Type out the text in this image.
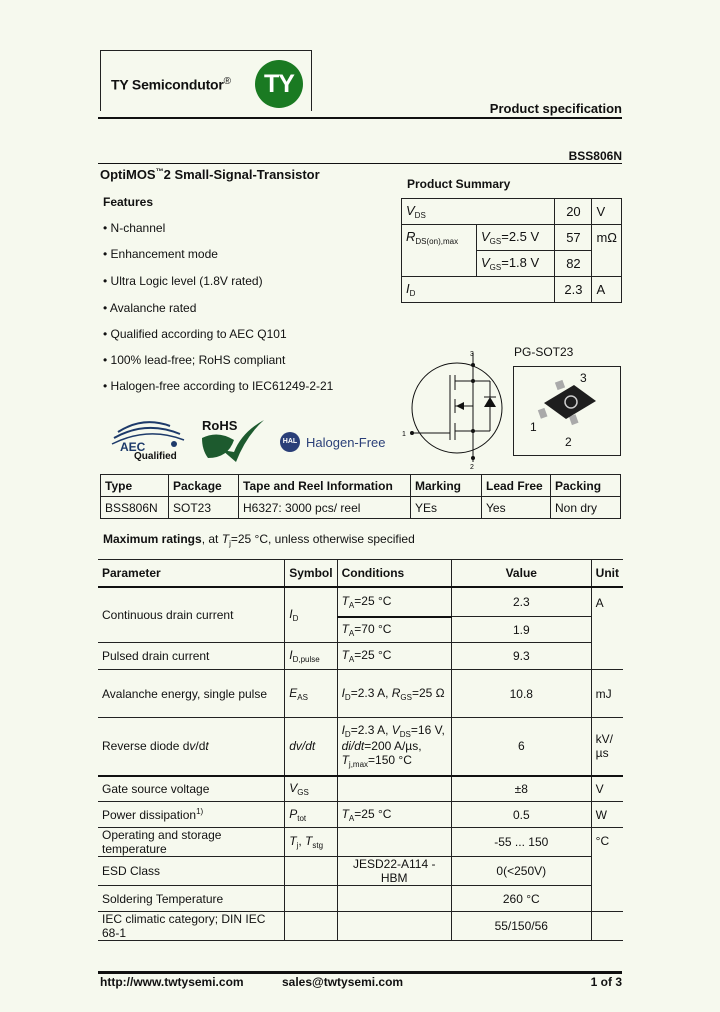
TY Semicondutor®	TY
Product specification
BSS806N
OptiMOS™2 Small-Signal-Transistor
Features
• N-channel
• Enhancement mode
• Ultra Logic level (1.8V rated)
• Avalanche rated
• Qualified according to AEC Q101
• 100% lead-free; RoHS compliant
• Halogen-free according to IEC61249-2-21
Product Summary
$V_{DS}$		20	V
$R_{DS(on),max}$	$V_{GS}=2.5$ V	57	mΩ
	$V_{GS}=1.8$ V	82	
$I_D$		2.3	A
AEC
Qualified
RoHS
HAL Halogen-Free
3
1
2
PG-SOT23
3
1
2
Type	Package	Tape and Reel Information	Marking	Lead Free	Packing
BSS806N	SOT23	H6327: 3000 pcs/ reel	YEs	Yes	Non dry
Maximum ratings, at $T_j=25$ °C, unless otherwise specified
Parameter	Symbol	Conditions	Value	Unit
Continuous drain current	$I_D$	$T_A=25$ °C	2.3	A
		$T_A=70$ °C	1.9	
Pulsed drain current	$I_{D,pulse}$	$T_A=25$ °C	9.3	
Avalanche energy, single pulse	$E_{AS}$	$I_D=2.3$ A, $R_{GS}=25$ Ω	10.8	mJ
Reverse diode dv/dt	dv/dt	$I_D=2.3$ A, $V_{DS}=16$ V,
di/dt=200 A/µs,
$T_{j,max}=150$ °C	6	kV/µs
Gate source voltage	$V_{GS}$		±8	V
Power dissipation$^{1)}$	$P_{tot}$	$T_A=25$ °C	0.5	W
Operating and storage temperature	$T_j$, $T_{stg}$		-55 ... 150	°C
ESD Class		JESD22-A114 -HBM	0(<250V)	
Soldering Temperature			260 °C	
IEC climatic category; DIN IEC 68-1			55/150/56	
http://www.twtysemi.com	sales@twtysemi.com	1 of 3
